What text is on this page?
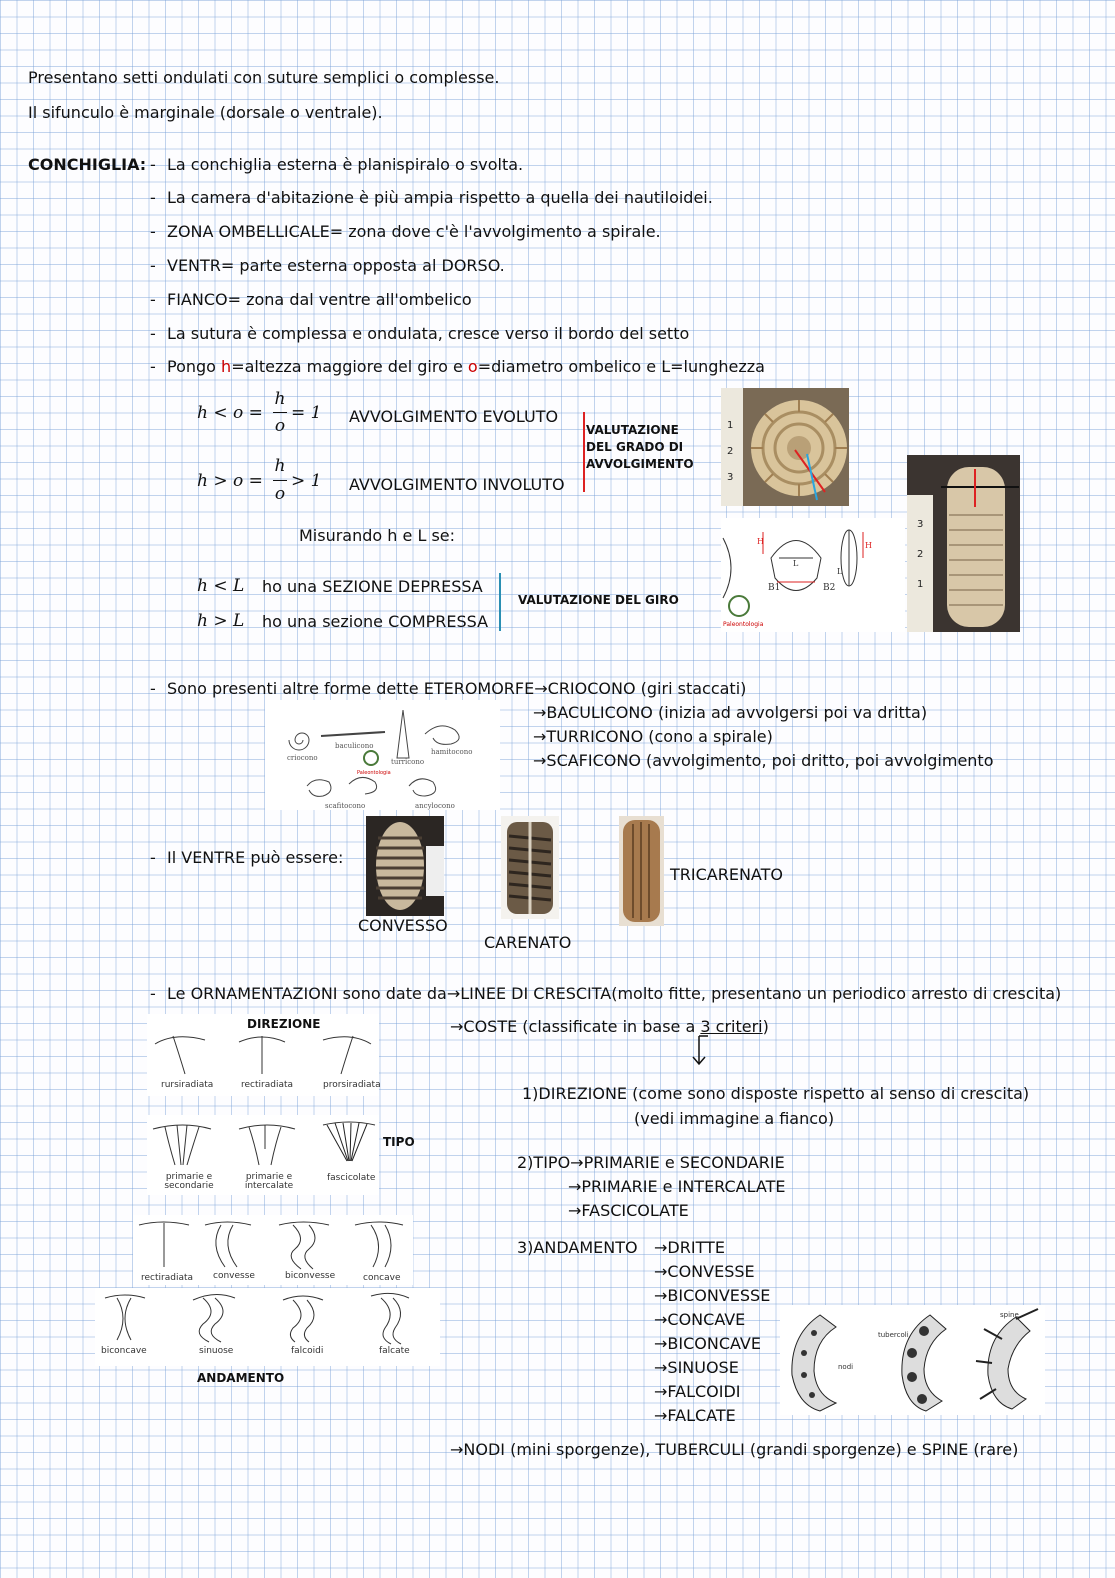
Presentano setti ondulati con suture semplici o complesse.
Il sifunculo è marginale (dorsale o ventrale).
CONCHIGLIA: - La conchiglia esterna è planispiralo o svolta.
- La camera d'abitazione è più ampia rispetto a quella dei nautiloidei.
- ZONA OMBELLICALE= zona dove c'è l'avvolgimento a spirale.
- VENTR= parte esterna opposta al DORSO.
- FIANCO= zona dal ventre all'ombelico
- La sutura è complessa e ondulata, cresce verso il bordo del setto
- Pongo h=altezza maggiore del giro e o=diametro ombelico e L=lunghezza
h < o =
h
o
= 1 AVVOLGIMENTO EVOLUTO
h > o =
h
o
> 1 AVVOLGIMENTO INVOLUTO
VALUTAZIONE DEL GRADO DI AVVOLGIMENTO
1
2
3
3
2
1
Misurando h e L se:
h < L ho una SEZIONE DEPRESSA
h > L ho una sezione COMPRESSA
VALUTAZIONE DEL GIRO
B1	B2
H
L
H
L
Paleontologia
- Sono presenti altre forme dette ETEROMORFE→CRIOCONO (giri staccati)
→BACULICONO (inizia ad avvolgersi poi va dritta)
→TURRICONO (cono a spirale)
→SCAFICONO (avvolgimento, poi dritto, poi avvolgimento
criocono
baculicono
turricono
hamitocono
scafitocono	ancylocono
Paleontologia
- Il VENTRE può essere:
CONVESSO
CARENATO
TRICARENATO
- Le ORNAMENTAZIONI sono date da→LINEE DI CRESCITA(molto fitte, presentano un periodico arresto di crescita)
→COSTE (classificate in base a 3 criteri)
DIREZIONE
rursiradiata	rectiradiata	prorsiradiata
primarie e secondarie
primarie e intercalate
fascicolate
TIPO
rectiradiata convesse	biconvesse	concave
biconcave	sinuose	falcoidi	falcate
ANDAMENTO
1)DIREZIONE (come sono disposte rispetto al senso di crescita)
(vedi immagine a fianco)
2)TIPO→PRIMARIE e SECONDARIE
→PRIMARIE e INTERCALATE
→FASCICOLATE
3)ANDAMENTO →DRITTE
→CONVESSE
→BICONVESSE
→CONCAVE
→BICONCAVE
→SINUOSE
→FALCOIDI
→FALCATE
nodi
tubercoli
spine
→NODI (mini sporgenze), TUBERCULI (grandi sporgenze) e SPINE (rare)
